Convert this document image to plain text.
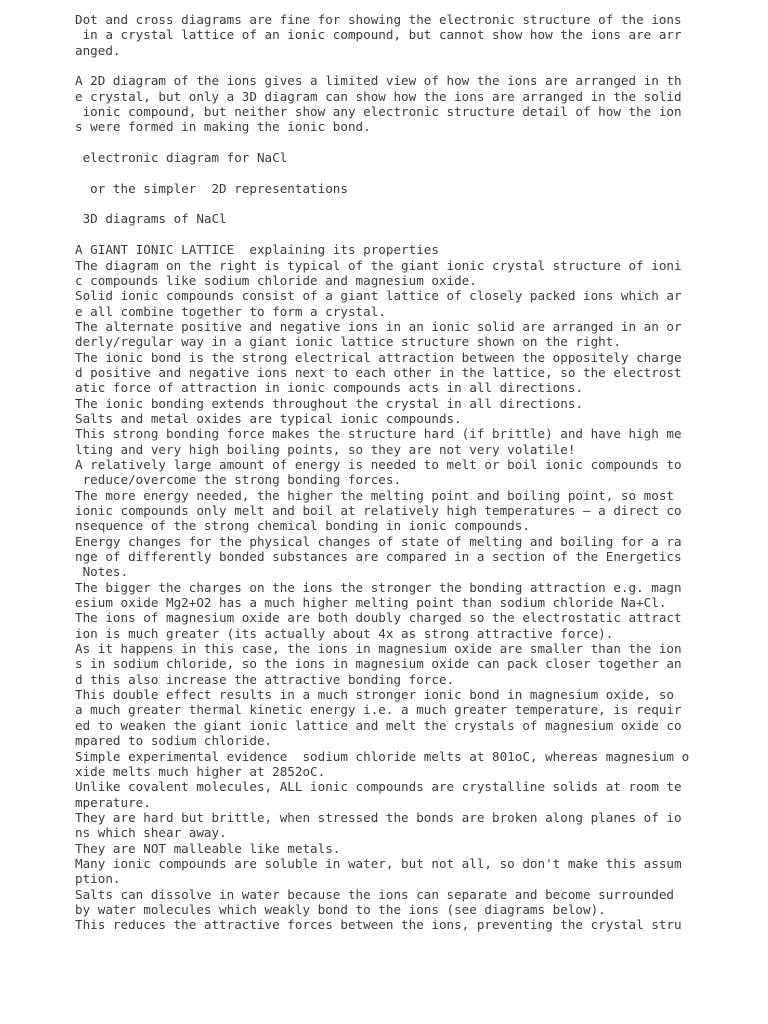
Dot and cross diagrams are fine for showing the electronic structure of the ions
in a crystal lattice of an ionic compound, but cannot show how the ions are arr
anged.
A 2D diagram of the ions gives a limited view of how the ions are arranged in th
e crystal, but only a 3D diagram can show how the ions are arranged in the solid
ionic compound, but neither show any electronic structure detail of how the ion
s were formed in making the ionic bond.
electronic diagram for NaCl
or the simpler  2D representations
3D diagrams of NaCl
A GIANT IONIC LATTICE  explaining its properties
The diagram on the right is typical of the giant ionic crystal structure of ioni
c compounds like sodium chloride and magnesium oxide.
Solid ionic compounds consist of a giant lattice of closely packed ions which ar
e all combine together to form a crystal.
The alternate positive and negative ions in an ionic solid are arranged in an or
derly/regular way in a giant ionic lattice structure shown on the right.
The ionic bond is the strong electrical attraction between the oppositely charge
d positive and negative ions next to each other in the lattice, so the electrost
atic force of attraction in ionic compounds acts in all directions.
The ionic bonding extends throughout the crystal in all directions.
Salts and metal oxides are typical ionic compounds.
This strong bonding force makes the structure hard (if brittle) and have high me
lting and very high boiling points, so they are not very volatile!
A relatively large amount of energy is needed to melt or boil ionic compounds to
reduce/overcome the strong bonding forces.
The more energy needed, the higher the melting point and boiling point, so most
ionic compounds only melt and boil at relatively high temperatures – a direct co
nsequence of the strong chemical bonding in ionic compounds.
Energy changes for the physical changes of state of melting and boiling for a ra
nge of differently bonded substances are compared in a section of the Energetics
Notes.
The bigger the charges on the ions the stronger the bonding attraction e.g. magn
esium oxide Mg2+O2 has a much higher melting point than sodium chloride Na+Cl.
The ions of magnesium oxide are both doubly charged so the electrostatic attract
ion is much greater (its actually about 4x as strong attractive force).
As it happens in this case, the ions in magnesium oxide are smaller than the ion
s in sodium chloride, so the ions in magnesium oxide can pack closer together an
d this also increase the attractive bonding force.
This double effect results in a much stronger ionic bond in magnesium oxide, so
a much greater thermal kinetic energy i.e. a much greater temperature, is requir
ed to weaken the giant ionic lattice and melt the crystals of magnesium oxide co
mpared to sodium chloride.
Simple experimental evidence  sodium chloride melts at 801oC, whereas magnesium o
xide melts much higher at 2852oC.
Unlike covalent molecules, ALL ionic compounds are crystalline solids at room te
mperature.
They are hard but brittle, when stressed the bonds are broken along planes of io
ns which shear away.
They are NOT malleable like metals.
Many ionic compounds are soluble in water, but not all, so don't make this assum
ption.
Salts can dissolve in water because the ions can separate and become surrounded
by water molecules which weakly bond to the ions (see diagrams below).
This reduces the attractive forces between the ions, preventing the crystal stru
